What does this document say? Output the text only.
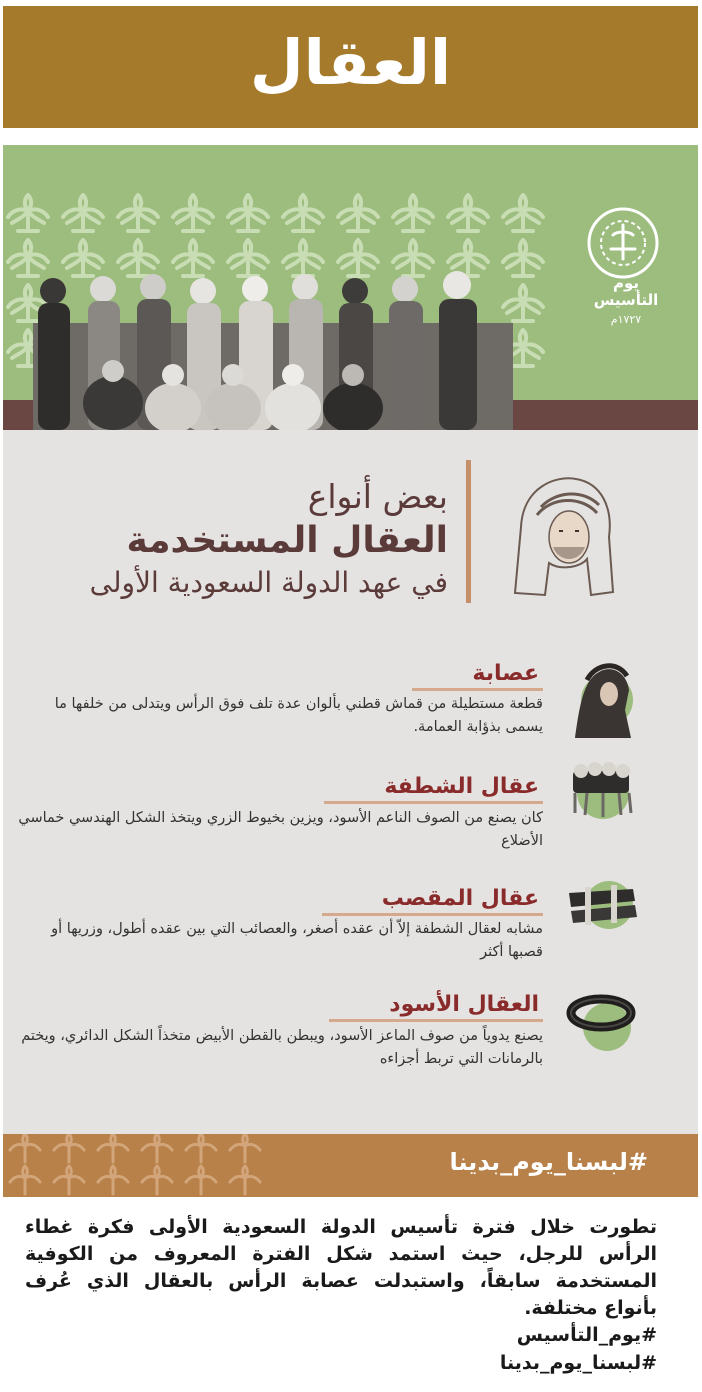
العقال
يوم التأسيس
١٧٢٧م
بعض أنواع
العقال المستخدمة
في عهد الدولة السعودية الأولى
عصابة
قطعة مستطيلة من قماش قطني بألوان عدة تلف فوق الرأس ويتدلى من خلفها ما يسمى بذؤابة العمامة.
عقال الشطفة
كان يصنع من الصوف الناعم الأسود، ويزين بخيوط الزري ويتخذ الشكل الهندسي خماسي الأضلاع
عقال المقصب
مشابه لعقال الشطفة إلاّ أن عقده أصغر، والعصائب التي بين عقده أطول، وزريها أو قصبها أكثر
العقال الأسود
يصنع يدوياً من صوف الماعز الأسود، ويبطن بالقطن الأبيض متخذاً الشكل الدائري، ويختم بالرمانات التي تربط أجزاءه
#لبسنا_يوم_بدينا
تطورت خلال فترة تأسيس الدولة السعودية الأولى فكرة غطاء الرأس للرجل، حيث استمد شكل الفترة المعروف من الكوفية المستخدمة سابقاً، واستبدلت عصابة الرأس بالعقال الذي عُرف بأنواع مختلفة.
#يوم_التأسيس
#لبسنا_يوم_بدينا
